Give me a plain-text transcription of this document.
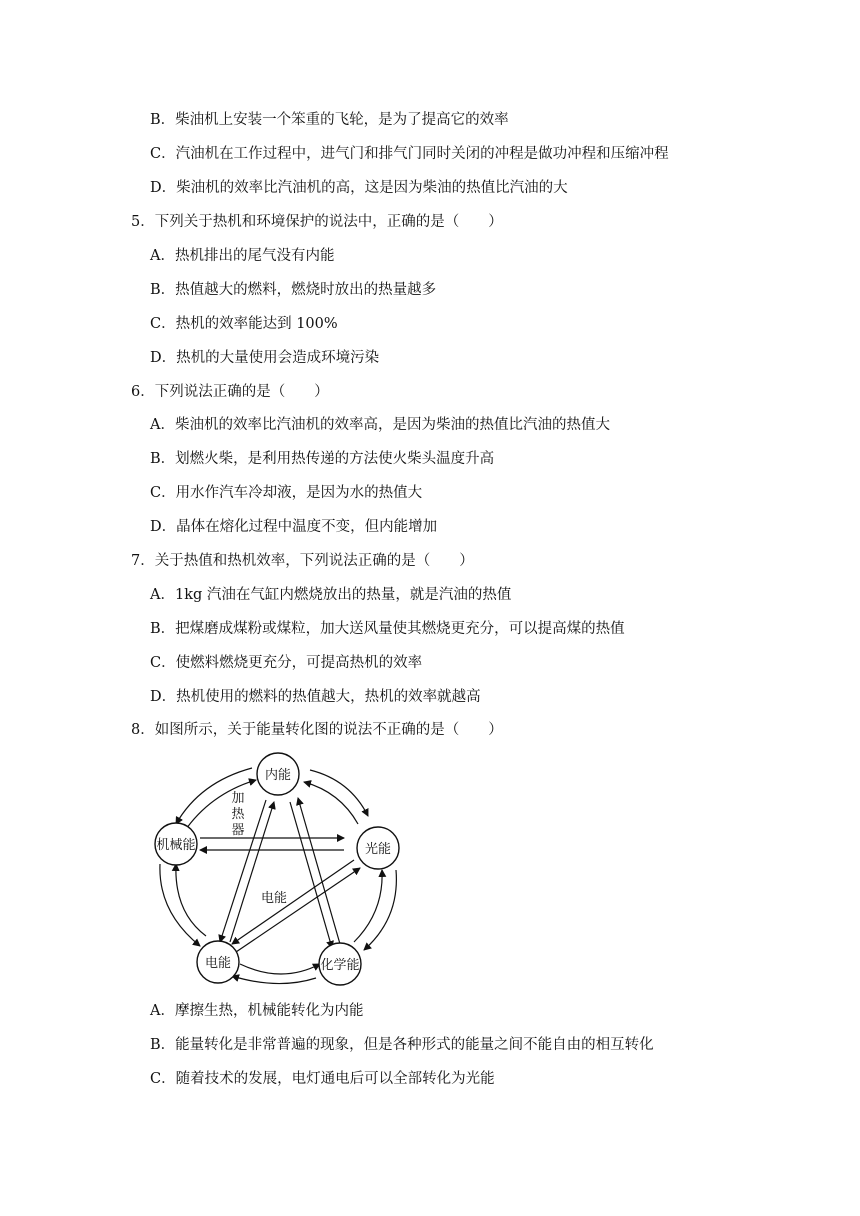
B．柴油机上安装一个笨重的飞轮，是为了提高它的效率
C．汽油机在工作过程中，进气门和排气门同时关闭的冲程是做功冲程和压缩冲程
D．柴油机的效率比汽油机的高，这是因为柴油的热值比汽油的大
5．下列关于热机和环境保护的说法中，正确的是（　　）
A．热机排出的尾气没有内能
B．热值越大的燃料，燃烧时放出的热量越多
C．热机的效率能达到 100%
D．热机的大量使用会造成环境污染
6．下列说法正确的是（　　）
A．柴油机的效率比汽油机的效率高，是因为柴油的热值比汽油的热值大
B．划燃火柴，是利用热传递的方法使火柴头温度升高
C．用水作汽车冷却液，是因为水的热值大
D．晶体在熔化过程中温度不变，但内能增加
7．关于热值和热机效率，下列说法正确的是（　　）
A．1kg 汽油在气缸内燃烧放出的热量，就是汽油的热值
B．把煤磨成煤粉或煤粒，加大送风量使其燃烧更充分，可以提高煤的热值
C．使燃料燃烧更充分，可提高热机的效率
D．热机使用的燃料的热值越大，热机的效率就越高
8．如图所示，关于能量转化图的说法不正确的是（　　）
内能
机械能	光能
电能	化学能
加
热
器
电能
A．摩擦生热，机械能转化为内能
B．能量转化是非常普遍的现象，但是各种形式的能量之间不能自由的相互转化
C．随着技术的发展，电灯通电后可以全部转化为光能
